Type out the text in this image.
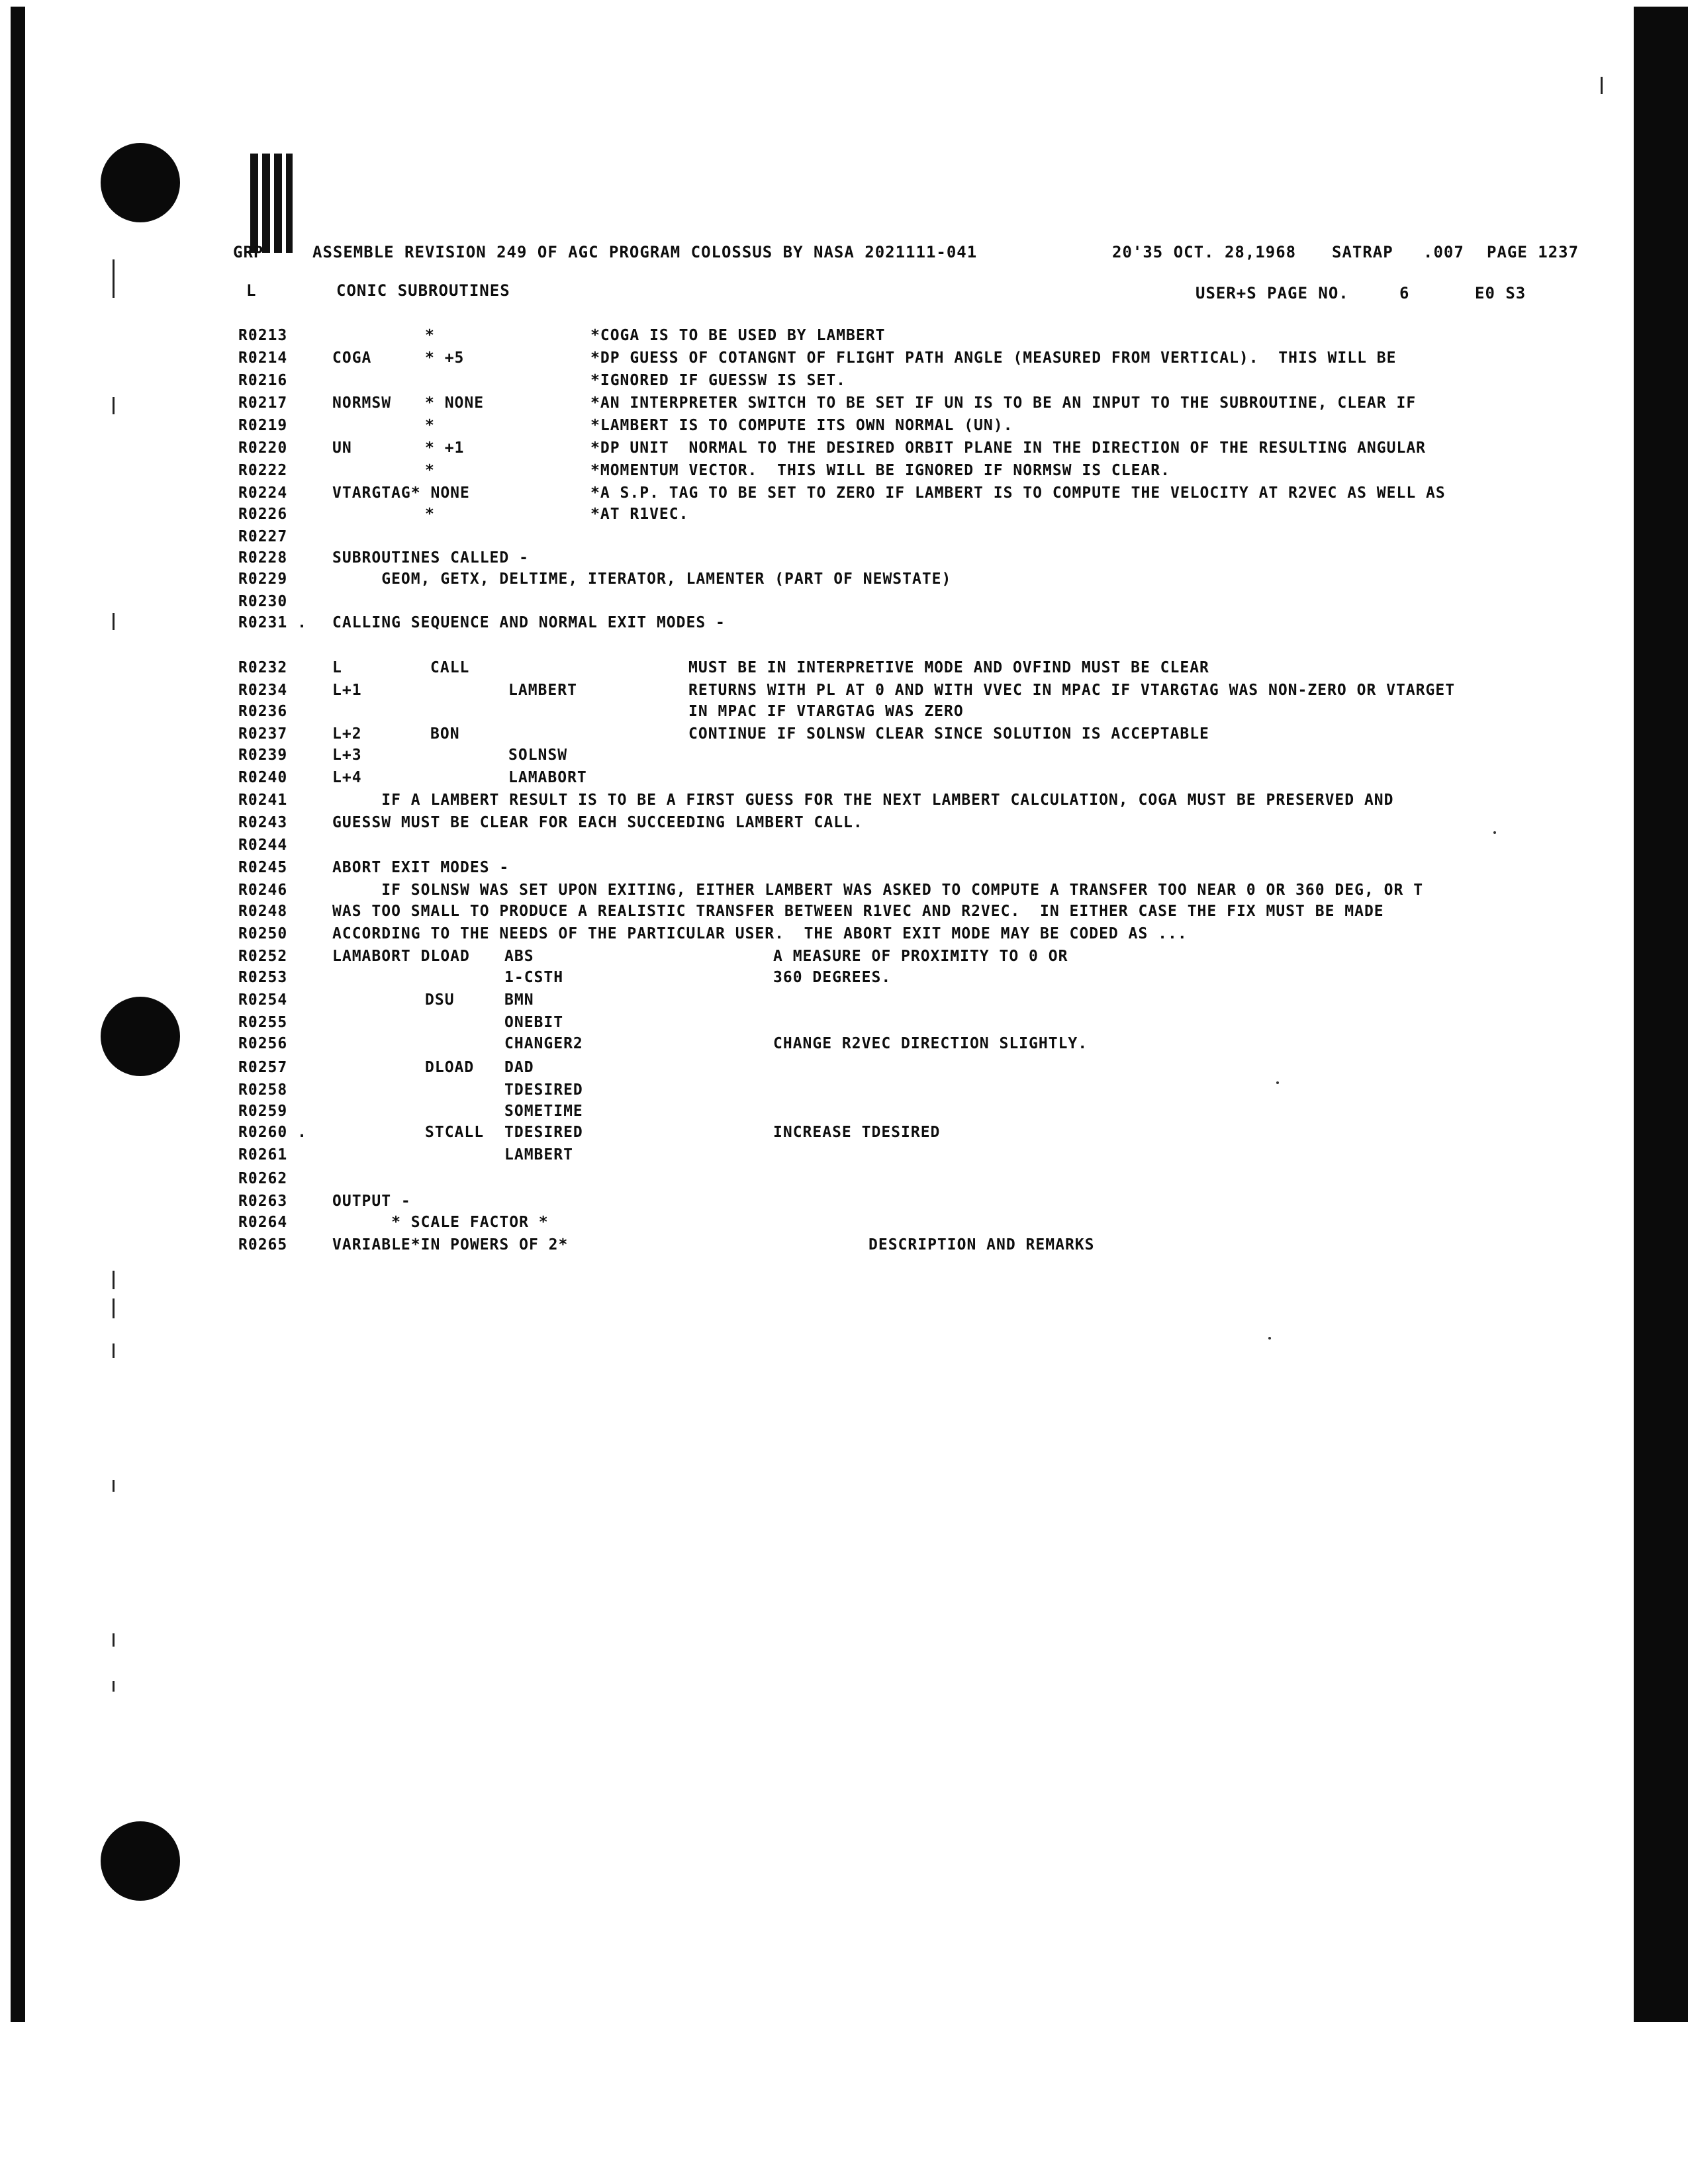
GRP	ASSEMBLE REVISION 249 OF AGC PROGRAM COLOSSUS BY NASA 2021111-041	20'35 OCT. 28,1968 SATRAP .007 PAGE 1237

L	CONIC SUBROUTINES	USER+S PAGE NO.	6	E0 S3

R0213	*	*COGA IS TO BE USED BY LAMBERT

R0214	COGA	* +5	*DP GUESS OF COTANGNT OF FLIGHT PATH ANGLE (MEASURED FROM VERTICAL).  THIS WILL BE

R0216	*IGNORED IF GUESSW IS SET.

R0217	NORMSW * NONE	*AN INTERPRETER SWITCH TO BE SET IF UN IS TO BE AN INPUT TO THE SUBROUTINE, CLEAR IF

R0219	*	*LAMBERT IS TO COMPUTE ITS OWN NORMAL (UN).

R0220	UN	* +1	*DP UNIT  NORMAL TO THE DESIRED ORBIT PLANE IN THE DIRECTION OF THE RESULTING ANGULAR

R0222	*	*MOMENTUM VECTOR.  THIS WILL BE IGNORED IF NORMSW IS CLEAR.

R0224	VTARGTAG* NONE	*A S.P. TAG TO BE SET TO ZERO IF LAMBERT IS TO COMPUTE THE VELOCITY AT R2VEC AS WELL AS

R0226	*	*AT R1VEC.

R0227

R0228	SUBROUTINES CALLED -

R0229	GEOM, GETX, DELTIME, ITERATOR, LAMENTER (PART OF NEWSTATE)

R0230

R0231 . CALLING SEQUENCE AND NORMAL EXIT MODES -

R0232	L	CALL	MUST BE IN INTERPRETIVE MODE AND OVFIND MUST BE CLEAR

R0234	L+1	LAMBERT	RETURNS WITH PL AT 0 AND WITH VVEC IN MPAC IF VTARGTAG WAS NON-ZERO OR VTARGET

R0236	IN MPAC IF VTARGTAG WAS ZERO

R0237	L+2	BON	CONTINUE IF SOLNSW CLEAR SINCE SOLUTION IS ACCEPTABLE

R0239	L+3	SOLNSW

R0240	L+4	LAMABORT

R0241	IF A LAMBERT RESULT IS TO BE A FIRST GUESS FOR THE NEXT LAMBERT CALCULATION, COGA MUST BE PRESERVED AND

R0243	GUESSW MUST BE CLEAR FOR EACH SUCCEEDING LAMBERT CALL.

R0244

R0245	ABORT EXIT MODES -

R0246	IF SOLNSW WAS SET UPON EXITING, EITHER LAMBERT WAS ASKED TO COMPUTE A TRANSFER TOO NEAR 0 OR 360 DEG, OR T

R0248	WAS TOO SMALL TO PRODUCE A REALISTIC TRANSFER BETWEEN R1VEC AND R2VEC.  IN EITHER CASE THE FIX MUST BE MADE

R0250	ACCORDING TO THE NEEDS OF THE PARTICULAR USER.  THE ABORT EXIT MODE MAY BE CODED AS ...

R0252	LAMABORT DLOAD ABS	A MEASURE OF PROXIMITY TO 0 OR

R0253	1-CSTH	360 DEGREES.

R0254	DSU	BMN

R0255	ONEBIT

R0256	CHANGER2	CHANGE R2VEC DIRECTION SLIGHTLY.

R0257	DLOAD DAD

R0258	TDESIRED

R0259	SOMETIME

R0260 .	STCALL TDESIRED	INCREASE TDESIRED

R0261	LAMBERT

R0262

R0263	OUTPUT -

R0264	* SCALE FACTOR *

R0265	VARIABLE*IN POWERS OF 2*	DESCRIPTION AND REMARKS
